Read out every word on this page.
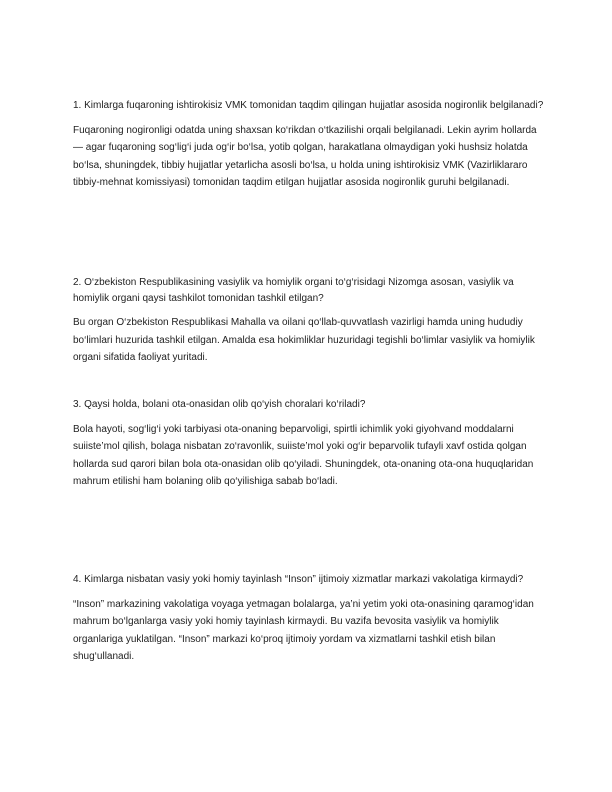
1. Kimlarga fuqaroning ishtirokisiz VMK tomonidan taqdim qilingan hujjatlar asosida nogironlik belgilanadi?

Fuqaroning nogironligi odatda uning shaxsan ko‘rikdan o‘tkazilishi orqali belgilanadi. Lekin ayrim hollarda — agar fuqaroning sog‘lig‘i juda og‘ir bo‘lsa, yotib qolgan, harakatlana olmaydigan yoki hushsiz holatda bo‘lsa, shuningdek, tibbiy hujjatlar yetarlicha asosli bo‘lsa, u holda uning ishtirokisiz VMK (Vazirliklararo tibbiy-mehnat komissiyasi) tomonidan taqdim etilgan hujjatlar asosida nogironlik guruhi belgilanadi.

2. O‘zbekiston Respublikasining vasiylik va homiylik organi to‘g‘risidagi Nizomga asosan, vasiylik va homiylik organi qaysi tashkilot tomonidan tashkil etilgan?

Bu organ O‘zbekiston Respublikasi Mahalla va oilani qo‘llab-quvvatlash vazirligi hamda uning hududiy bo‘limlari huzurida tashkil etilgan. Amalda esa hokimliklar huzuridagi tegishli bo‘limlar vasiylik va homiylik organi sifatida faoliyat yuritadi.

3. Qaysi holda, bolani ota-onasidan olib qo‘yish choralari ko‘riladi?

Bola hayoti, sog‘lig‘i yoki tarbiyasi ota-onaning beparvoligi, spirtli ichimlik yoki giyohvand moddalarni suiiste’mol qilish, bolaga nisbatan zo‘ravonlik, suiiste’mol yoki og‘ir beparvolik tufayli xavf ostida qolgan hollarda sud qarori bilan bola ota-onasidan olib qo‘yiladi. Shuningdek, ota-onaning ota-ona huquqlaridan mahrum etilishi ham bolaning olib qo‘yilishiga sabab bo‘ladi.

4. Kimlarga nisbatan vasiy yoki homiy tayinlash “Inson” ijtimoiy xizmatlar markazi vakolatiga kirmaydi?

“Inson” markazining vakolatiga voyaga yetmagan bolalarga, ya’ni yetim yoki ota-onasining qaramog‘idan mahrum bo‘lganlarga vasiy yoki homiy tayinlash kirmaydi. Bu vazifa bevosita vasiylik va homiylik organlariga yuklatilgan. “Inson” markazi ko‘proq ijtimoiy yordam va xizmatlarni tashkil etish bilan shug‘ullanadi.
